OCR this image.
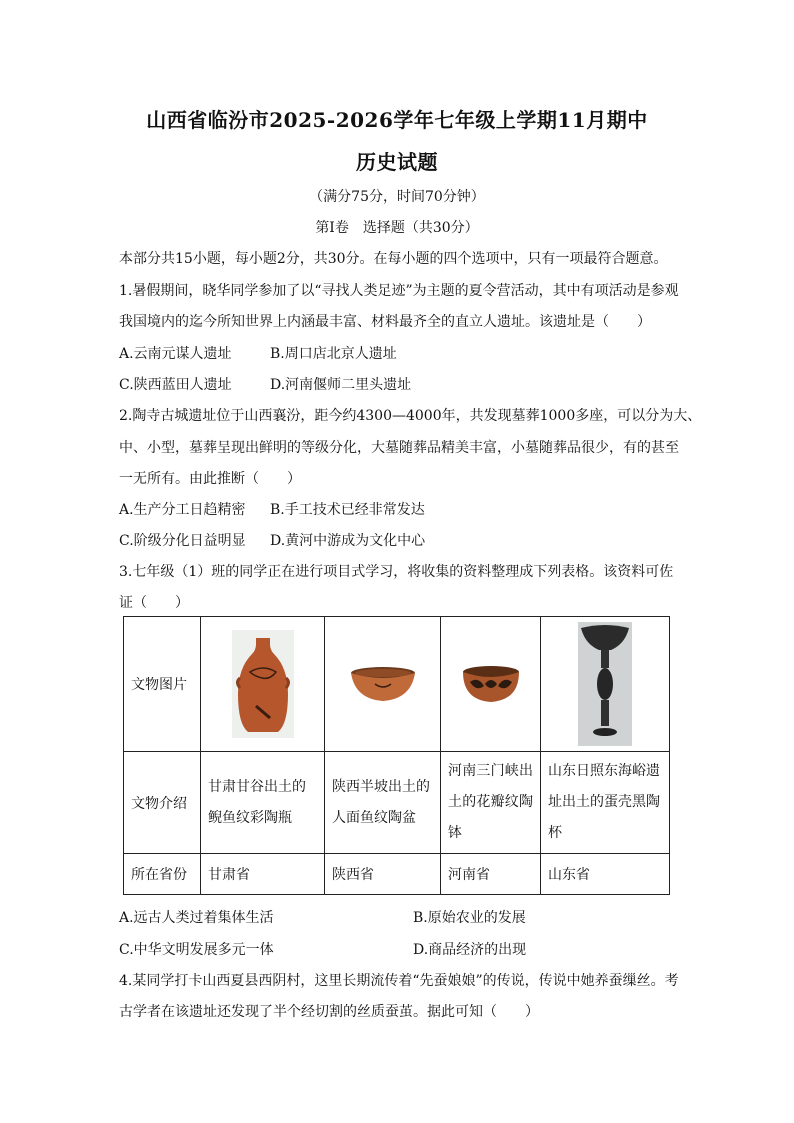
山西省临汾市2025-2026学年七年级上学期11月期中
历史试题
（满分75分，时间70分钟）
第Ⅰ卷　选择题（共30分）
本部分共15小题，每小题2分，共30分。在每小题的四个选项中，只有一项最符合题意。
1.暑假期间，晓华同学参加了以“寻找人类足迹”为主题的夏令营活动，其中有项活动是参观
我国境内的迄今所知世界上内涵最丰富、材料最齐全的直立人遗址。该遗址是（　　）
A.云南元谋人遗址	B.周口店北京人遗址
C.陕西蓝田人遗址	D.河南偃师二里头遗址
2.陶寺古城遗址位于山西襄汾，距今约4300—4000年，共发现墓葬1000多座，可以分为大、
中、小型，墓葬呈现出鲜明的等级分化，大墓随葬品精美丰富，小墓随葬品很少，有的甚至
一无所有。由此推断（　　）
A.生产分工日趋精密 B.手工技术已经非常发达
C.阶级分化日益明显 D.黄河中游成为文化中心
3.七年级（1）班的同学正在进行项目式学习，将收集的资料整理成下列表格。该资料可佐
证（　　）
文物图片	

文物介绍	甘肃甘谷出土的鲵鱼纹彩陶瓶	陕西半坡出土的人面鱼纹陶盆	河南三门峡出土的花瓣纹陶钵	山东日照东海峪遗址出土的蛋壳黑陶杯
所在省份	甘肃省	陕西省	河南省	山东省
A.远古人类过着集体生活	B.原始农业的发展
C.中华文明发展多元一体	D.商品经济的出现
4.某同学打卡山西夏县西阴村，这里长期流传着“先蚕娘娘”的传说，传说中她养蚕缫丝。考
古学者在该遗址还发现了半个经切割的丝质蚕茧。据此可知（　　）
